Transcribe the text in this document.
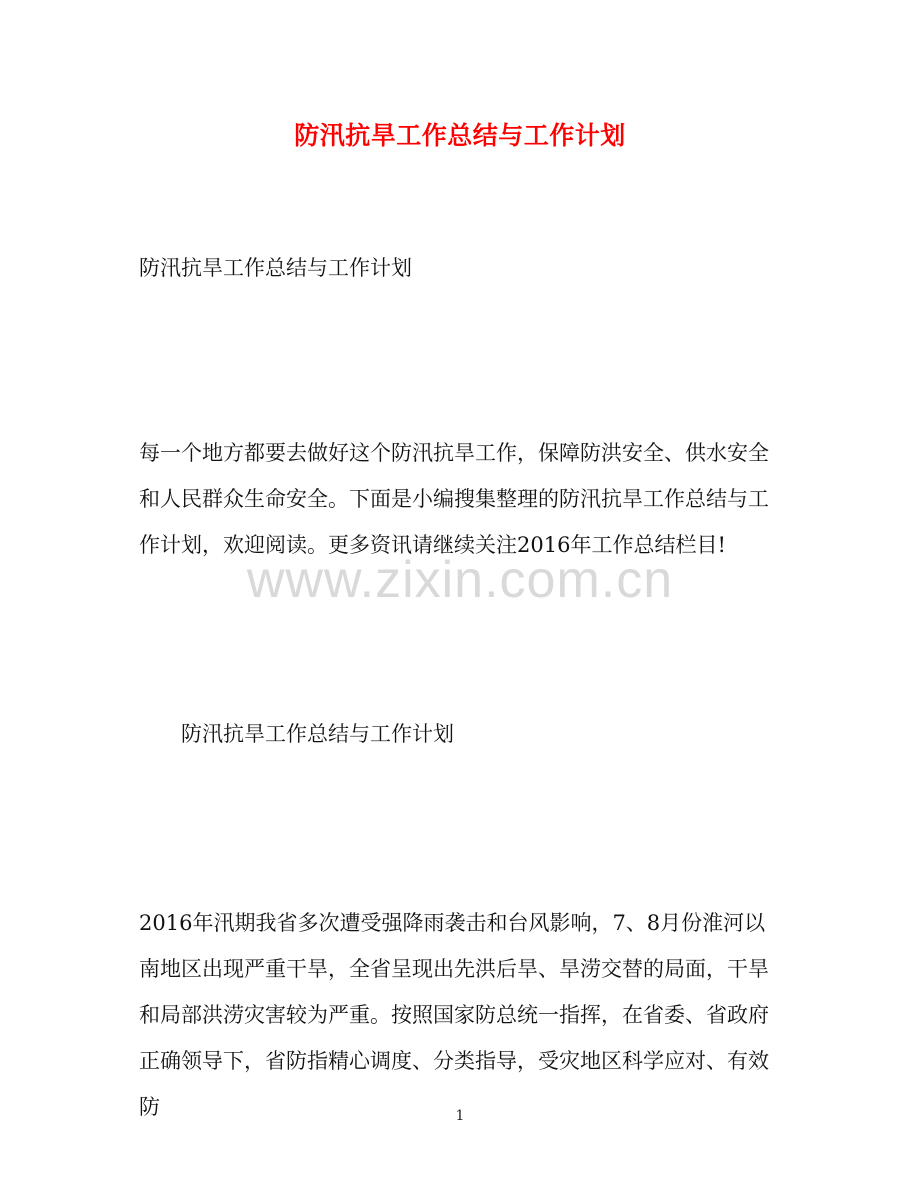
防汛抗旱工作总结与工作计划

防汛抗旱工作总结与工作计划

每一个地方都要去做好这个防汛抗旱工作，保障防洪安全、供水安全和人民群众生命安全。下面是小编搜集整理的防汛抗旱工作总结与工作计划，欢迎阅读。更多资讯请继续关注2016年工作总结栏目!

www.zixin.com.cn

防汛抗旱工作总结与工作计划

2016年汛期我省多次遭受强降雨袭击和台风影响，7、8月份淮河以南地区出现严重干旱，全省呈现出先洪后旱、旱涝交替的局面，干旱和局部洪涝灾害较为严重。按照国家防总统一指挥，在省委、省政府正确领导下，省防指精心调度、分类指导，受灾地区科学应对、有效防	1
